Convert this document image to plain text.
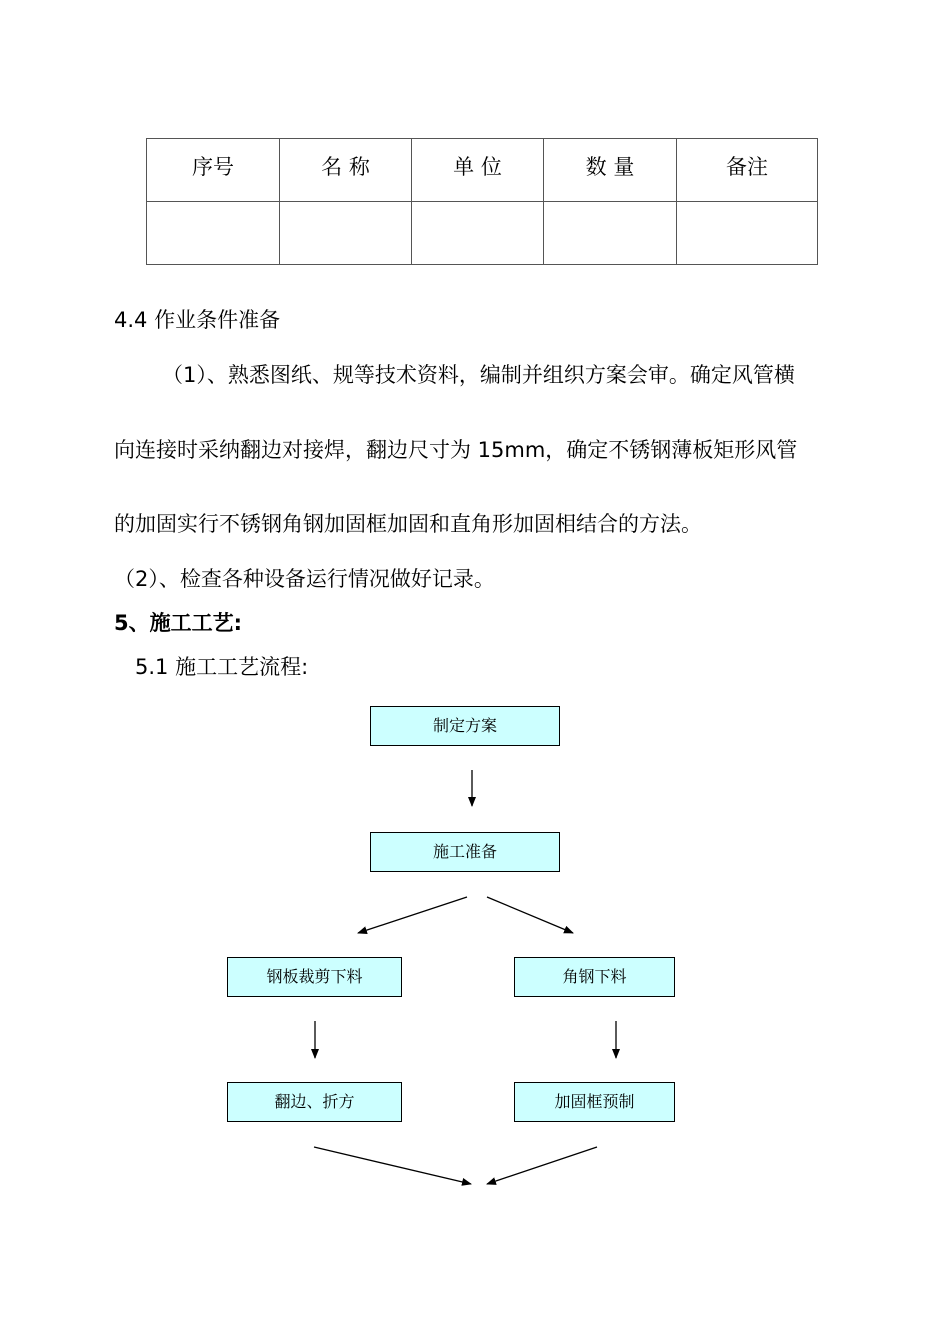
序号	名 称	单 位	数 量	备注

4.4 作业条件准备
（1）、熟悉图纸、规等技术资料，编制并组织方案会审。确定风管横
向连接时采纳翻边对接焊，翻边尺寸为 15mm，确定不锈钢薄板矩形风管
的加固实行不锈钢角钢加固框加固和直角形加固相结合的方法。
（2）、检查各种设备运行情况做好记录。
5、施工工艺:
5.1 施工工艺流程:
制定方案
施工准备
钢板裁剪下料	角钢下料
翻边、折方	加固框预制
